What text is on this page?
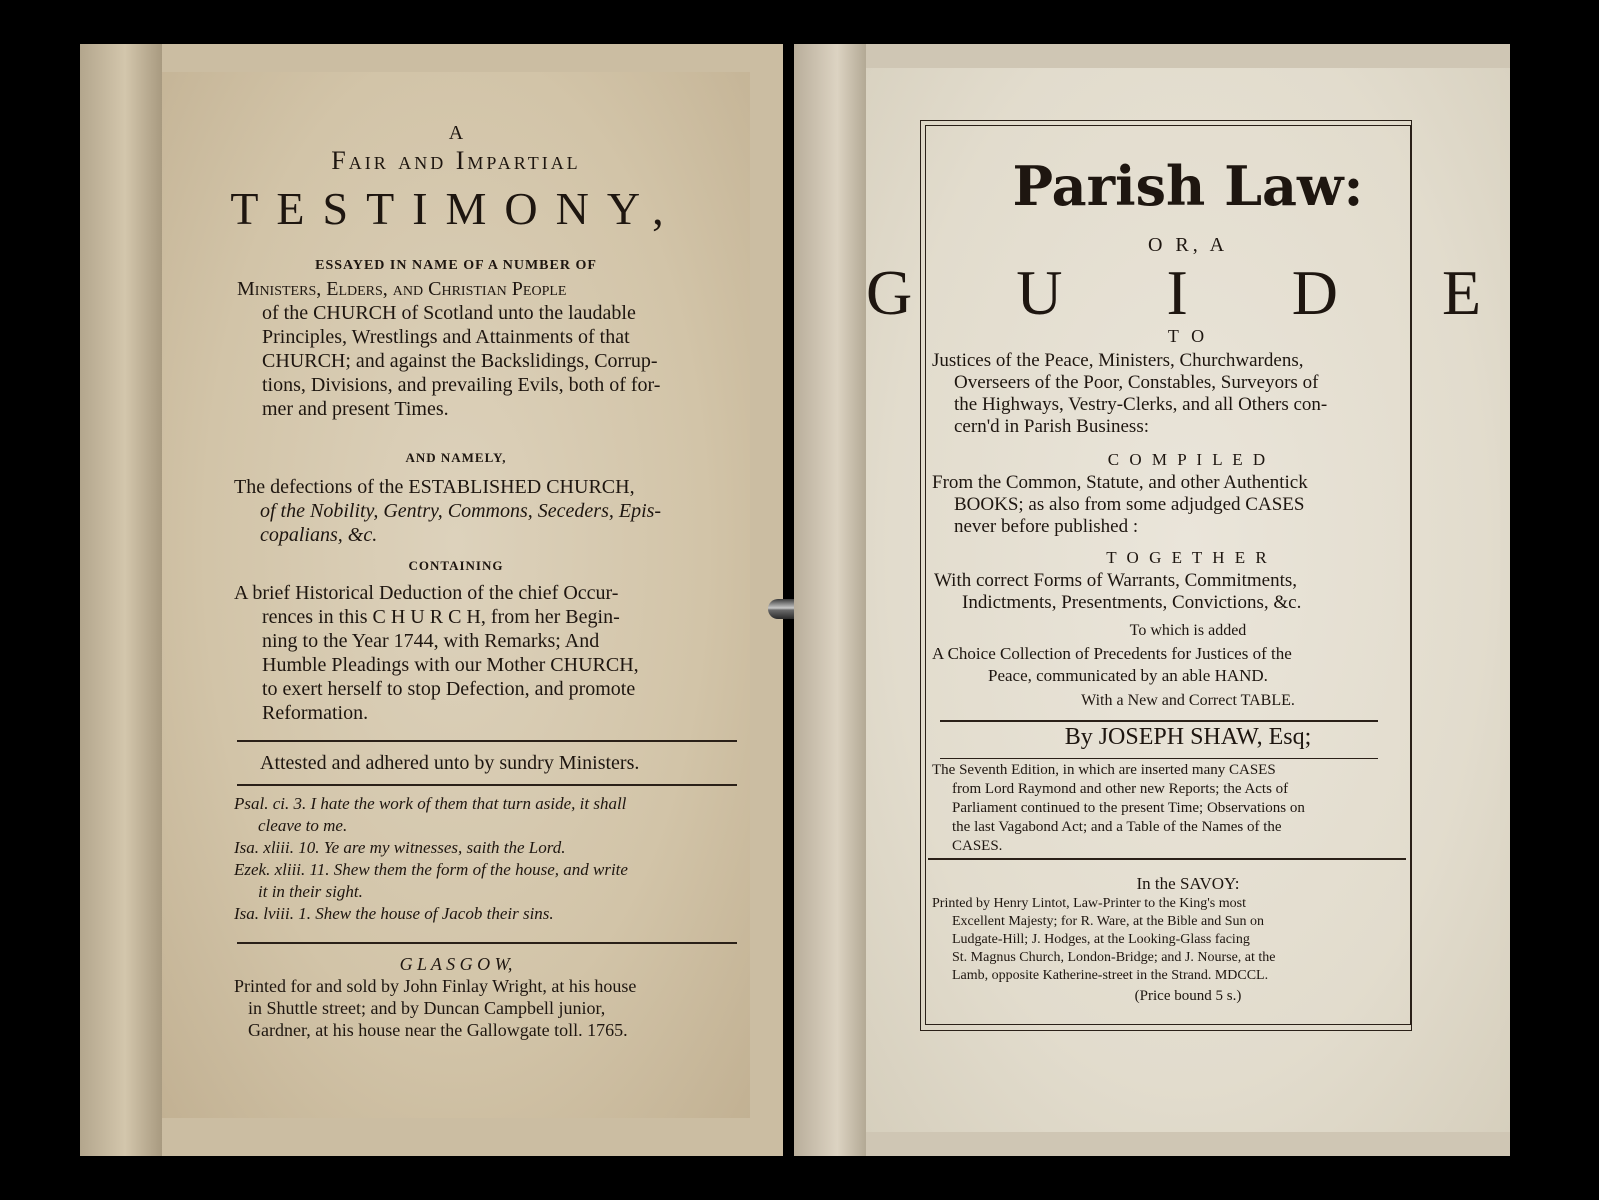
A
Fair and Impartial
TESTIMONY,
ESSAYED IN NAME OF A NUMBER OF
Ministers, Elders, and Christian People
of the CHURCH of Scotland unto the laudable
Principles, Wrestlings and Attainments of that
CHURCH; and against the Backslidings, Corrup-
tions, Divisions, and prevailing Evils, both of for-
mer and present Times.
AND NAMELY,
The defections of the ESTABLISHED CHURCH,
of the Nobility, Gentry, Commons, Seceders, Epis-
copalians, &c.
CONTAINING
A brief Historical Deduction of the chief Occur-
rences in this C H U R C H, from her Begin-
ning to the Year 1744, with Remarks; And
Humble Pleadings with our Mother CHURCH,
to exert herself to stop Defection, and promote
Reformation.
Attested and adhered unto by sundry Ministers.
Psal. ci. 3. I hate the work of them that turn aside, it shall
cleave to me.
Isa. xliii. 10. Ye are my witnesses, saith the Lord.
Ezek. xliii. 11. Shew them the form of the house, and write
it in their sight.
Isa. lviii. 1. Shew the house of Jacob their sins.
G L A S G O W,
Printed for and sold by John Finlay Wright, at his house
in Shuttle street; and by Duncan Campbell junior,
Gardner, at his house near the Gallowgate toll. 1765.
Parish Law:
O R, A
G U I D E
T O
Justices of the Peace, Ministers, Churchwardens,
Overseers of the Poor, Constables, Surveyors of
the Highways, Vestry-Clerks, and all Others con-
cern'd in Parish Business:
C O M P I L E D
From the Common, Statute, and other Authentick
BOOKS; as also from some adjudged CASES
never before published :
T O G E T H E R
With correct Forms of Warrants, Commitments,
Indictments, Presentments, Convictions, &c.
To which is added
A Choice Collection of Precedents for Justices of the
Peace, communicated by an able HAND.
With a New and Correct TABLE.
By JOSEPH SHAW, Esq;
The Seventh Edition, in which are inserted many CASES
from Lord Raymond and other new Reports; the Acts of
Parliament continued to the present Time; Observations on
the last Vagabond Act; and a Table of the Names of the
CASES.
In the SAVOY:
Printed by Henry Lintot, Law-Printer to the King's most
Excellent Majesty; for R. Ware, at the Bible and Sun on
Ludgate-Hill; J. Hodges, at the Looking-Glass facing
St. Magnus Church, London-Bridge; and J. Nourse, at the
Lamb, opposite Katherine-street in the Strand. MDCCL.
(Price bound 5 s.)
